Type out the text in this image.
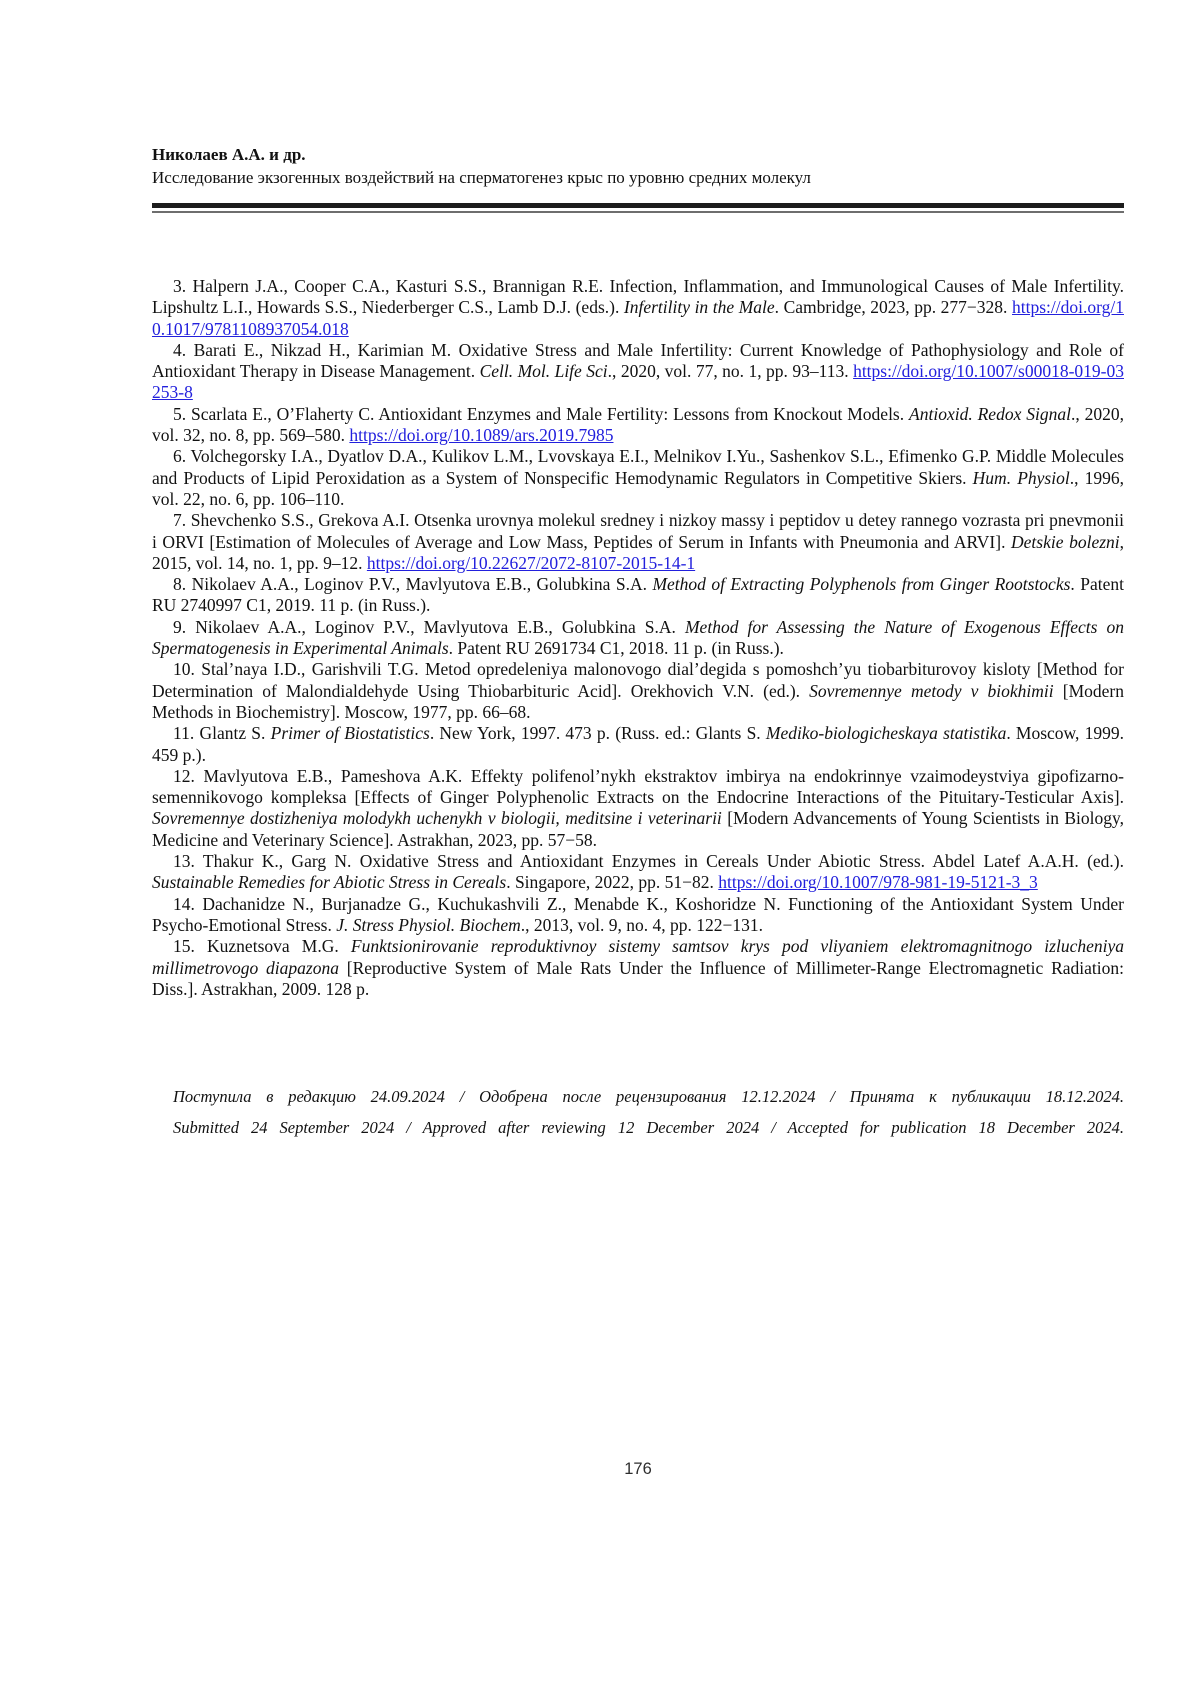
Николаев А.А. и др.
Исследование экзогенных воздействий на сперматогенез крыс по уровню средних молекул

3. Halpern J.A., Cooper C.A., Kasturi S.S., Brannigan R.E. Infection, Inflammation, and Immunological Causes of Male Infertility. Lipshultz L.I., Howards S.S., Niederberger C.S., Lamb D.J. (eds.). Infertility in the Male. Cambridge, 2023, pp. 277−328. https://doi.org/10.1017/9781108937054.018

4. Barati E., Nikzad H., Karimian M. Oxidative Stress and Male Infertility: Current Knowledge of Pathophysiology and Role of Antioxidant Therapy in Disease Management. Cell. Mol. Life Sci., 2020, vol. 77, no. 1, pp. 93–113. https://doi.org/10.1007/s00018-019-03253-8

5. Scarlata E., O’Flaherty C. Antioxidant Enzymes and Male Fertility: Lessons from Knockout Models. Antioxid. Redox Signal., 2020, vol. 32, no. 8, pp. 569–580. https://doi.org/10.1089/ars.2019.7985

6. Volchegorsky I.A., Dyatlov D.A., Kulikov L.M., Lvovskaya E.I., Melnikov I.Yu., Sashenkov S.L., Efimenko G.P. Middle Molecules and Products of Lipid Peroxidation as a System of Nonspecific Hemodynamic Regulators in Competitive Skiers. Hum. Physiol., 1996, vol. 22, no. 6, pp. 106–110.

7. Shevchenko S.S., Grekova A.I. Otsenka urovnya molekul sredney i nizkoy massy i peptidov u detey rannego vozrasta pri pnevmonii i ORVI [Estimation of Molecules of Average and Low Mass, Peptides of Serum in Infants with Pneumonia and ARVI]. Detskie bolezni, 2015, vol. 14, no. 1, pp. 9–12. https://doi.org/10.22627/2072-8107-2015-14-1

8. Nikolaev A.A., Loginov P.V., Mavlyutova E.B., Golubkina S.A. Method of Extracting Polyphenols from Ginger Rootstocks. Patent RU 2740997 C1, 2019. 11 p. (in Russ.).

9. Nikolaev A.A., Loginov P.V., Mavlyutova E.B., Golubkina S.A. Method for Assessing the Nature of Exogenous Effects on Spermatogenesis in Experimental Animals. Patent RU 2691734 C1, 2018. 11 p. (in Russ.).

10. Stal’naya I.D., Garishvili T.G. Metod opredeleniya malonovogo dial’degida s pomoshch’yu tiobarbiturovoy kisloty [Method for Determination of Malondialdehyde Using Thiobarbituric Acid]. Orekhovich V.N. (ed.). Sovremennye metody v biokhimii [Modern Methods in Biochemistry]. Moscow, 1977, pp. 66–68.

11. Glantz S. Primer of Biostatistics. New York, 1997. 473 p. (Russ. ed.: Glants S. Mediko-biologicheskaya statistika. Moscow, 1999. 459 p.).

12. Mavlyutova E.B., Pameshova A.K. Effekty polifenol’nykh ekstraktov imbirya na endokrinnye vzaimodeystviya gipofizarno-semennikovogo kompleksa [Effects of Ginger Polyphenolic Extracts on the Endocrine Interactions of the Pituitary-Testicular Axis]. Sovremennye dostizheniya molodykh uchenykh v biologii, meditsine i veterinarii [Modern Advancements of Young Scientists in Biology, Medicine and Veterinary Science]. Astrakhan, 2023, pp. 57−58.

13. Thakur K., Garg N. Oxidative Stress and Antioxidant Enzymes in Cereals Under Abiotic Stress. Abdel Latef A.A.H. (ed.). Sustainable Remedies for Abiotic Stress in Cereals. Singapore, 2022, pp. 51−82. https://doi.org/10.1007/978-981-19-5121-3_3

14. Dachanidze N., Burjanadze G., Kuchukashvili Z., Menabde K., Koshoridze N. Functioning of the Antioxidant System Under Psycho-Emotional Stress. J. Stress Physiol. Biochem., 2013, vol. 9, no. 4, pp. 122−131.

15. Kuznetsova M.G. Funktsionirovanie reproduktivnoy sistemy samtsov krys pod vliyaniem elektromagnitnogo izlucheniya millimetrovogo diapazona [Reproductive System of Male Rats Under the Influence of Millimeter-Range Electromagnetic Radiation: Diss.]. Astrakhan, 2009. 128 p.

Поступила в редакцию 24.09.2024 / Одобрена после рецензирования 12.12.2024 / Принята к публикации 18.12.2024.

Submitted 24 September 2024 / Approved after reviewing 12 December 2024 / Accepted for publication 18 December 2024.

176
